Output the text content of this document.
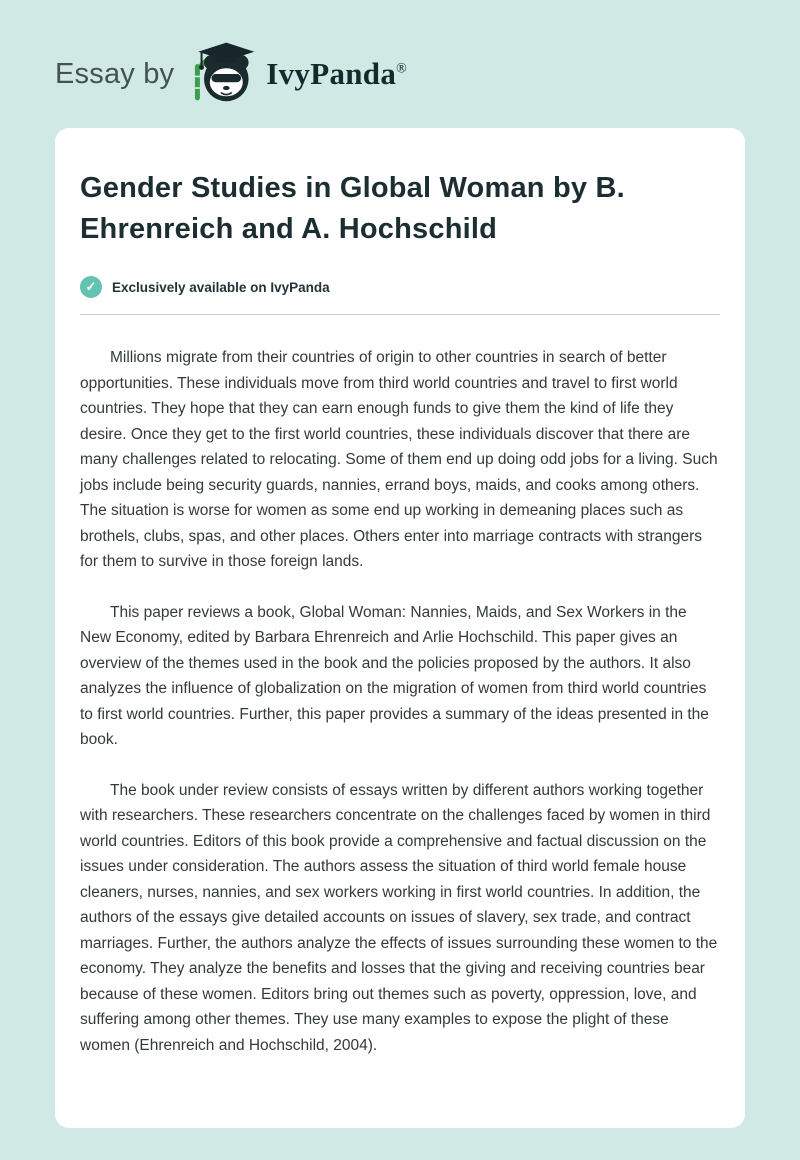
Essay by	IvyPanda®
Gender Studies in Global Woman by B. Ehrenreich and A. Hochschild
✓	Exclusively available on IvyPanda

Millions migrate from their countries of origin to other countries in search of better opportunities. These individuals move from third world countries and travel to first world countries. They hope that they can earn enough funds to give them the kind of life they desire. Once they get to the first world countries, these individuals discover that there are many challenges related to relocating. Some of them end up doing odd jobs for a living. Such jobs include being security guards, nannies, errand boys, maids, and cooks among others. The situation is worse for women as some end up working in demeaning places such as brothels, clubs, spas, and other places. Others enter into marriage contracts with strangers for them to survive in those foreign lands.

This paper reviews a book, Global Woman: Nannies, Maids, and Sex Workers in the New Economy, edited by Barbara Ehrenreich and Arlie Hochschild. This paper gives an overview of the themes used in the book and the policies proposed by the authors. It also analyzes the influence of globalization on the migration of women from third world countries to first world countries. Further, this paper provides a summary of the ideas presented in the book.

The book under review consists of essays written by different authors working together with researchers. These researchers concentrate on the challenges faced by women in third world countries. Editors of this book provide a comprehensive and factual discussion on the issues under consideration. The authors assess the situation of third world female house cleaners, nurses, nannies, and sex workers working in first world countries. In addition, the authors of the essays give detailed accounts on issues of slavery, sex trade, and contract marriages. Further, the authors analyze the effects of issues surrounding these women to the economy. They analyze the benefits and losses that the giving and receiving countries bear because of these women. Editors bring out themes such as poverty, oppression, love, and suffering among other themes. They use many examples to expose the plight of these women (Ehrenreich and Hochschild, 2004).
